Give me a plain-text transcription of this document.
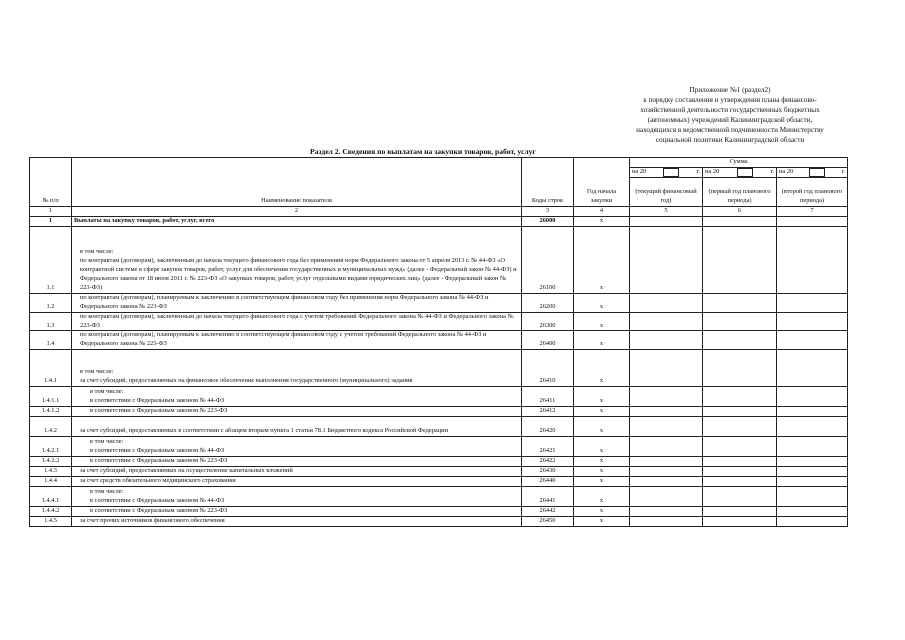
Приложение №1 (раздел2)
к порядку составления и утверждения плана финансово-
хозяйственной деятельности государственных бюджетных
(автономных) учреждений Калининградской области,
находящихся в ведомственной подчиненности Министерству
социальной политики Калининградской области
Раздел 2. Сведения по выплатам на закупки товаров, работ, услуг
№ п/п	Наименование показателя	Коды строк	Год начала закупки	Сумма		

				на 20 г.	на 20 г.	на 20 г.

				(текущий финансовый год)	(первый год планового периода)	(второй год планового периода)
1	2	3	4	5	6	7
1	Выплаты на закупку товаров, работ, услуг, всего	26000	x			
1.1	в том числе:
по контрактам (договорам), заключенным до начала текущего финансового года без применения норм Федерального закона от 5 апреля 2013 г. № 44-ФЗ «О контрактной системе в сфере закупок товаров, работ, услуг для обеспечения государственных и муниципальных нужд» (далее - Федеральный закон № 44-ФЗ) и Федерального закона от 18 июля 2011 г. № 223-ФЗ «О закупках товаров, работ, услуг отдельными видами юридических лиц» (далее - Федеральный закон № 223-ФЗ)	26100	x			
1.2	по контрактам (договорам), планируемым к заключению в соответствующем финансовом году без применения норм Федерального закона № 44-ФЗ и Федерального закона № 223-ФЗ	26200	x			
1.3	по контрактам (договорам), заключенным до начала текущего финансового года с учетом требований Федерального закона № 44-ФЗ и Федерального закона № 223-ФЗ	26300	x			
1.4	по контрактам (договорам), планируемым к заключению в соответствующем финансовом году с учетом требований Федерального закона № 44-ФЗ и Федерального закона № 223-ФЗ	26400	x			
1.4.1	в том числе:
за счет субсидий, предоставляемых на финансовое обеспечение выполнения государственного (муниципального) задания	26410	x			
1.4.1.1	в том числе:
в соответствии с Федеральным законом № 44-ФЗ	26411	x			
1.4.1.2	в соответствии с Федеральным законом № 223-ФЗ	26412	x			
1.4.2	за счет субсидий, предоставляемых в соответствии с абзацем вторым пункта 1 статьи 78.1 Бюджетного кодекса Российской Федерации	26420	x			
1.4.2.1	в том числе:
в соответствии с Федеральным законом № 44-ФЗ	26421	x			
1.4.2.2	в соответствии с Федеральным законом № 223-ФЗ	26422	x			
1.4.3	за счет субсидий, предоставляемых на осуществление капитальных вложений	26430	x			
1.4.4	за счет средств обязательного медицинского страхования	26440	x			
1.4.4.1	в том числе:
в соответствии с Федеральным законом № 44-ФЗ	26441	x			
1.4.4.2	в соответствии с Федеральным законом № 223-ФЗ	26442	x			
1.4.5	за счет прочих источников финансового обеспечения	26450	x			
